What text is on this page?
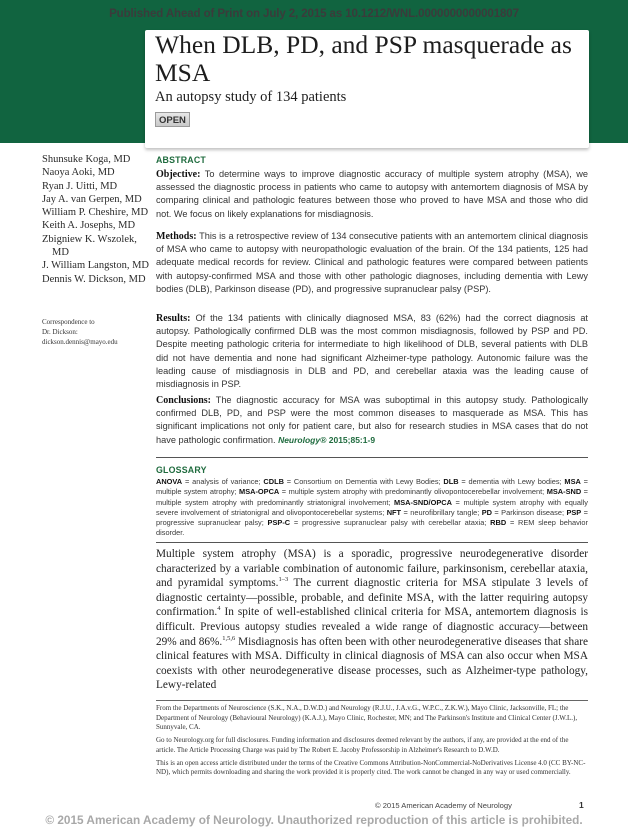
Published Ahead of Print on July 2, 2015 as 10.1212/WNL.0000000000001807
When DLB, PD, and PSP masquerade as MSA
An autopsy study of 134 patients
OPEN
Shunsuke Koga, MD
Naoya Aoki, MD
Ryan J. Uitti, MD
Jay A. van Gerpen, MD
William P. Cheshire, MD
Keith A. Josephs, MD
Zbigniew K. Wszolek,
MD
J. William Langston, MD
Dennis W. Dickson, MD
Correspondence to
Dr. Dickson:
dickson.dennis@mayo.edu
ABSTRACT

Objective: To determine ways to improve diagnostic accuracy of multiple system atrophy (MSA), we assessed the diagnostic process in patients who came to autopsy with antemortem diagnosis of MSA by comparing clinical and pathologic features between those who proved to have MSA and those who did not. We focus on likely explanations for misdiagnosis.

Methods: This is a retrospective review of 134 consecutive patients with an antemortem clinical diagnosis of MSA who came to autopsy with neuropathologic evaluation of the brain. Of the 134 patients, 125 had adequate medical records for review. Clinical and pathologic features were compared between patients with autopsy-confirmed MSA and those with other pathologic diagnoses, including dementia with Lewy bodies (DLB), Parkinson disease (PD), and progressive supranuclear palsy (PSP).

Results: Of the 134 patients with clinically diagnosed MSA, 83 (62%) had the correct diagnosis at autopsy. Pathologically confirmed DLB was the most common misdiagnosis, followed by PSP and PD. Despite meeting pathologic criteria for intermediate to high likelihood of DLB, several patients with DLB did not have dementia and none had significant Alzheimer-type pathology. Autonomic failure was the leading cause of misdiagnosis in DLB and PD, and cerebellar ataxia was the leading cause of misdiagnosis in PSP.

Conclusions: The diagnostic accuracy for MSA was suboptimal in this autopsy study. Pathologically confirmed DLB, PD, and PSP were the most common diseases to masquerade as MSA. This has significant implications not only for patient care, but also for research studies in MSA cases that do not have pathologic confirmation. Neurology® 2015;85:1-9

GLOSSARY

ANOVA = analysis of variance; CDLB = Consortium on Dementia with Lewy Bodies; DLB = dementia with Lewy bodies; MSA = multiple system atrophy; MSA-OPCA = multiple system atrophy with predominantly olivopontocerebellar involvement; MSA-SND = multiple system atrophy with predominantly striatonigral involvement; MSA-SND/OPCA = multiple system atrophy with equally severe involvement of striatonigral and olivopontocerebellar systems; NFT = neurofibrillary tangle; PD = Parkinson disease; PSP = progressive supranuclear palsy; PSP-C = progressive supranuclear palsy with cerebellar ataxia; RBD = REM sleep behavior disorder.

Multiple system atrophy (MSA) is a sporadic, progressive neurodegenerative disorder characterized by a variable combination of autonomic failure, parkinsonism, cerebellar ataxia, and pyramidal symptoms.$^{1-3}$ The current diagnostic criteria for MSA stipulate 3 levels of diagnostic certainty—possible, probable, and definite MSA, with the latter requiring autopsy confirmation.$^4$ In spite of well-established clinical criteria for MSA, antemortem diagnosis is difficult. Previous autopsy studies revealed a wide range of diagnostic accuracy—between 29% and 86%.$^{1,5,6}$ Misdiagnosis has often been with other neurodegenerative diseases that share clinical features with MSA. Difficulty in clinical diagnosis of MSA can also occur when MSA coexists with other neurodegenerative disease processes, such as Alzheimer-type pathology, Lewy-related

From the Departments of Neuroscience (S.K., N.A., D.W.D.) and Neurology (R.J.U., J.A.v.G., W.P.C., Z.K.W.), Mayo Clinic, Jacksonville, FL; the Department of Neurology (Behavioural Neurology) (K.A.J.), Mayo Clinic, Rochester, MN; and The Parkinson's Institute and Clinical Center (J.W.L.), Sunnyvale, CA.

Go to Neurology.org for full disclosures. Funding information and disclosures deemed relevant by the authors, if any, are provided at the end of the article. The Article Processing Charge was paid by The Robert E. Jacoby Professorship in Alzheimer's Research to D.W.D.

This is an open access article distributed under the terms of the Creative Commons Attribution-NonCommercial-NoDerivatives License 4.0 (CC BY-NC-ND), which permits downloading and sharing the work provided it is properly cited. The work cannot be changed in any way or used commercially.

© 2015 American Academy of Neurology	1
© 2015 American Academy of Neurology. Unauthorized reproduction of this article is prohibited.
